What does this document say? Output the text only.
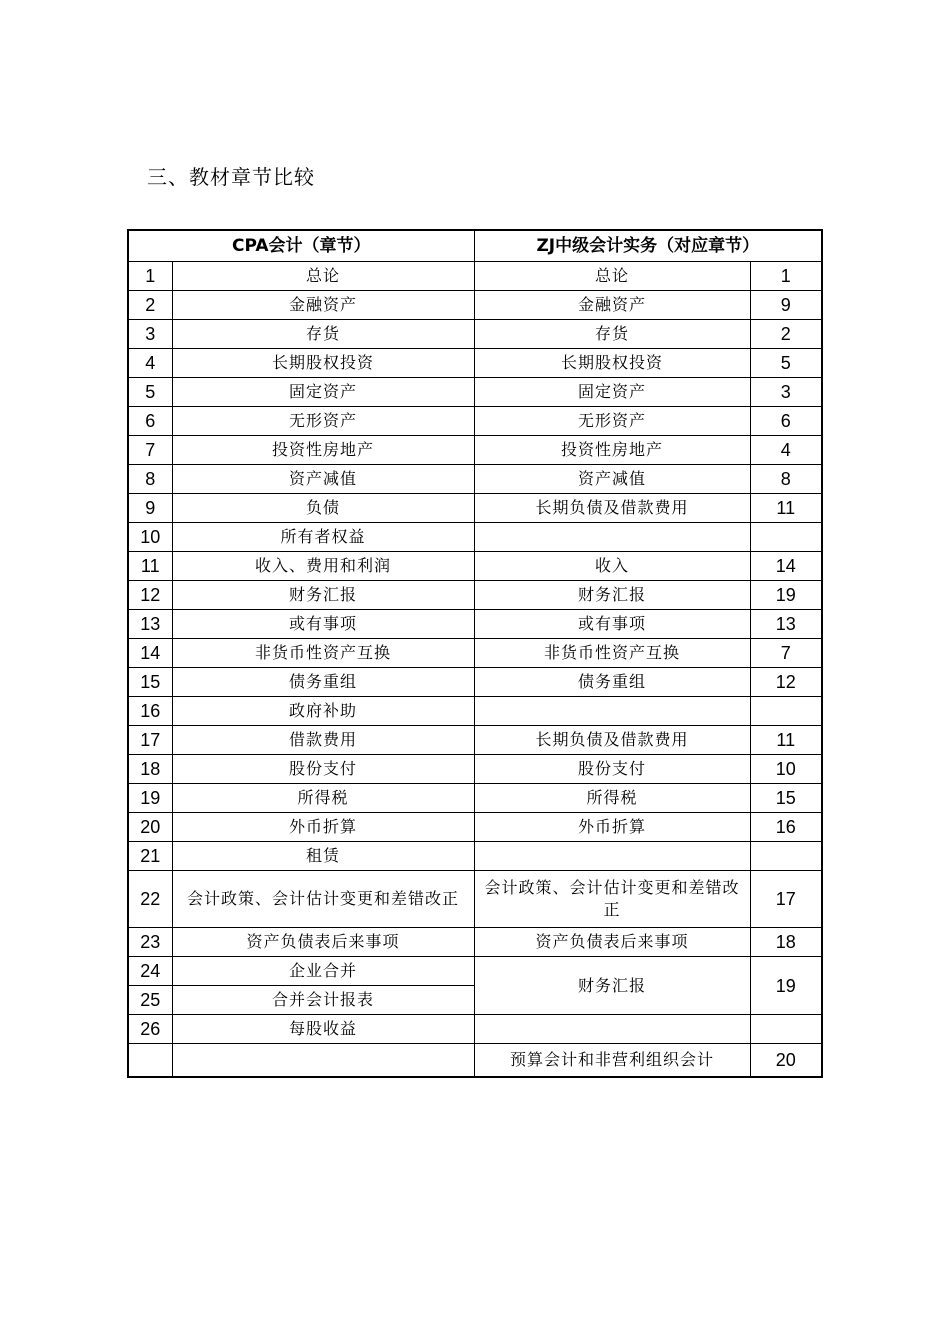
三、教材章节比较
CPA会计（章节）		ZJ中级会计实务（对应章节）	
1	总论	总论	1
2	金融资产	金融资产	9
3	存货	存货	2
4	长期股权投资	长期股权投资	5
5	固定资产	固定资产	3
6	无形资产	无形资产	6
7	投资性房地产	投资性房地产	4
8	资产减值	资产减值	8
9	负债	长期负债及借款费用	11
10	所有者权益		
11	收入、费用和利润	收入	14
12	财务汇报	财务汇报	19
13	或有事项	或有事项	13
14	非货币性资产互换	非货币性资产互换	7
15	债务重组	债务重组	12
16	政府补助		
17	借款费用	长期负债及借款费用	11
18	股份支付	股份支付	10
19	所得税	所得税	15
20	外币折算	外币折算	16
21	租赁		
22	会计政策、会计估计变更和差错改正	会计政策、会计估计变更和差错改正	17
23	资产负债表后来事项	资产负债表后来事项	18
24	企业合并	财务汇报	19
25	合并会计报表		
26	每股收益		
		预算会计和非营利组织会计	20
